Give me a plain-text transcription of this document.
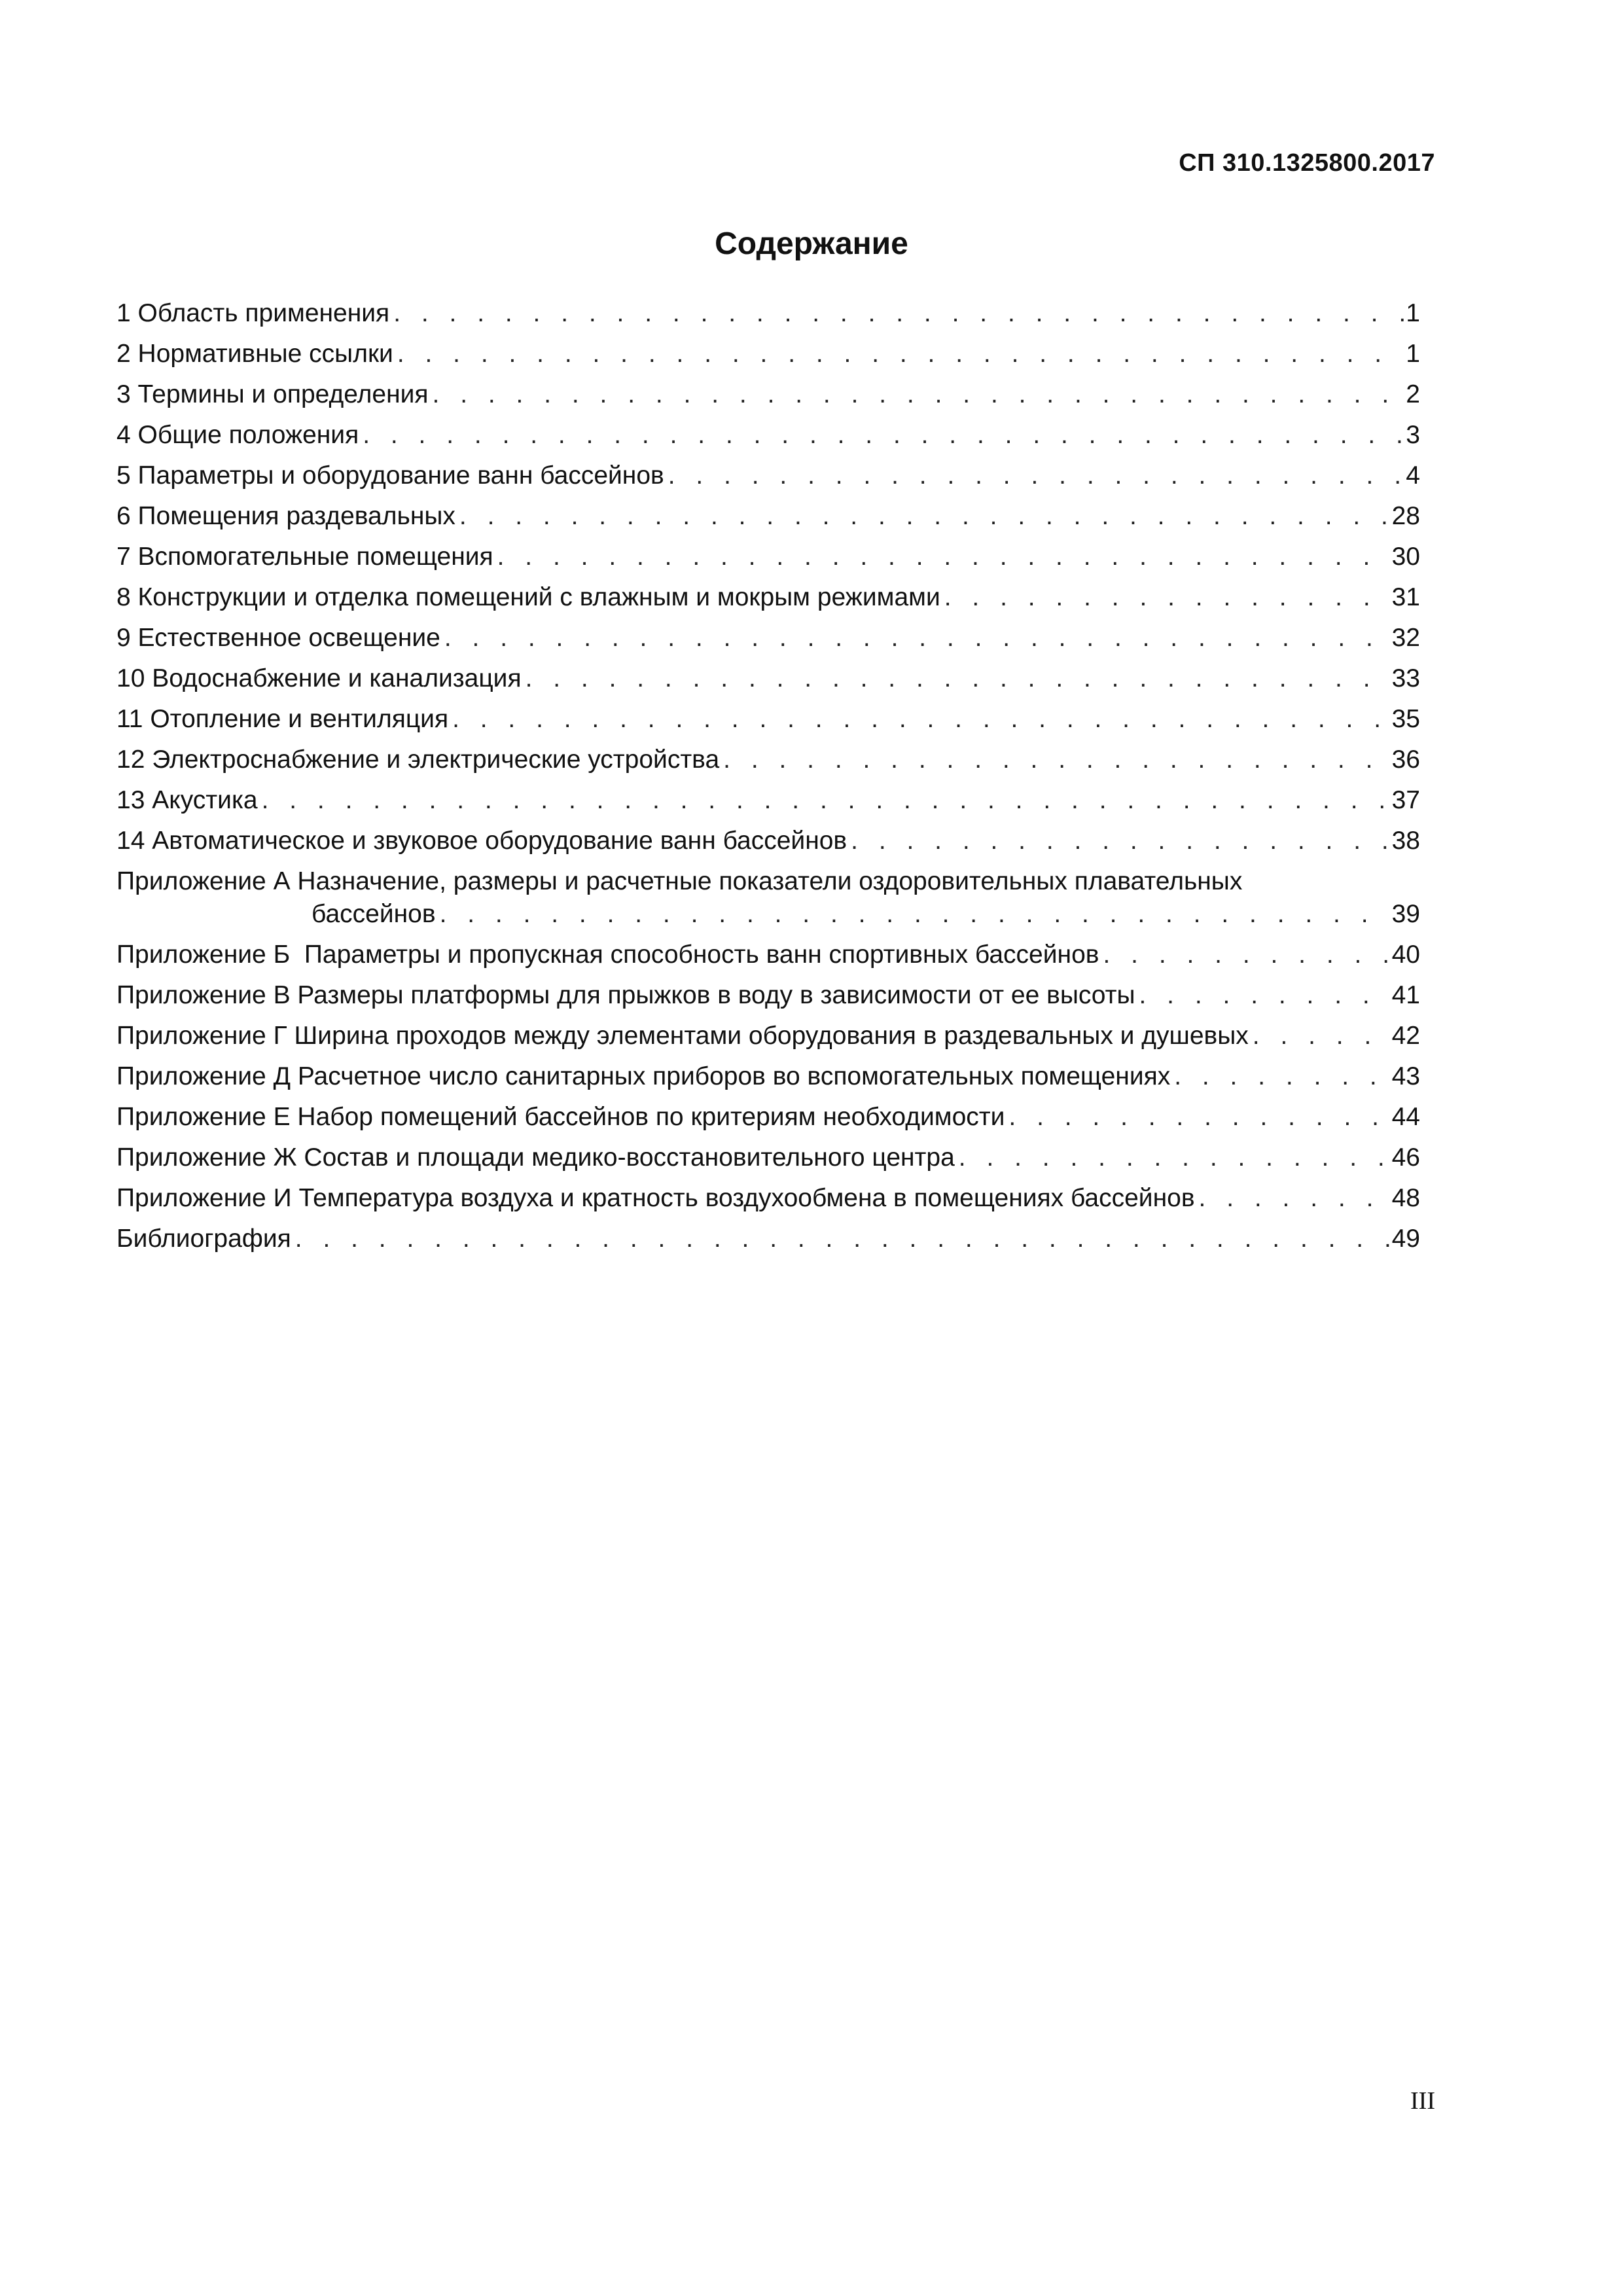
СП 310.1325800.2017
Содержание
1 Область применения . . .	1
2 Нормативные ссылки . . .	1
3 Термины и определения . . .	2
4 Общие положения . . .	3
5 Параметры и оборудование ванн бассейнов . . .	4
6 Помещения раздевальных . . .	28
7 Вспомогательные помещения . . .	30
8 Конструкции и отделка помещений с влажным и мокрым режимами . . .	31
9 Естественное освещение . . .	32
10 Водоснабжение и канализация . . .	33
11 Отопление и вентиляция . . .	35
12 Электроснабжение и электрические устройства . . .	36
13 Акустика . . .	37
14 Автоматическое и звуковое оборудование ванн бассейнов . . .	38
Приложение А Назначение, размеры и расчетные показатели оздоровительных плавательных
бассейнов . . .	39
Приложение Б  Параметры и пропускная способность ванн спортивных бассейнов . . .	40
Приложение В Размеры платформы для прыжков в воду в зависимости от ее высоты . . .	41
Приложение Г Ширина проходов между элементами оборудования в раздевальных и душевых . . .	42
Приложение Д Расчетное число санитарных приборов во вспомогательных помещениях . . .	43
Приложение Е Набор помещений бассейнов по критериям необходимости . . .	44
Приложение Ж Состав и площади медико-восстановительного центра . . .	46
Приложение И Температура воздуха и кратность воздухообмена в помещениях бассейнов . . .	48
Библиография . . .	49
III
